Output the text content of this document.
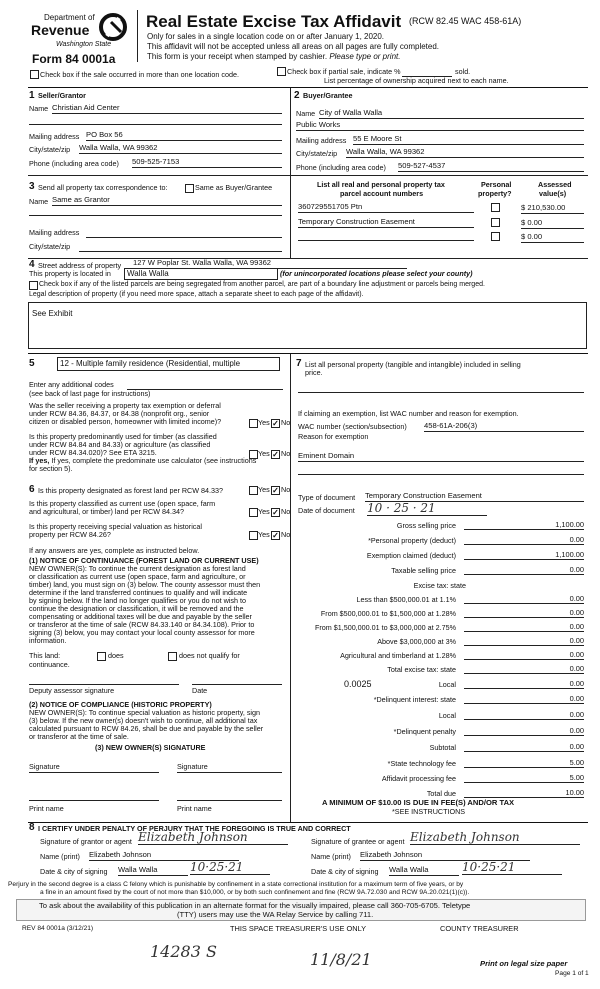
Department of
Revenue
Washington State
Form 84 0001a
Real Estate Excise Tax Affidavit (RCW 82.45 WAC 458-61A)
Only for sales in a single location code on or after January 1, 2020.
This affidavit will not be accepted unless all areas on all pages are fully completed.
This form is your receipt when stamped by cashier. Please type or print.
Check box if the sale occurred in more than one location code.	Check box if partial sale, indicate %	sold.
List percentage of ownership acquired next to each name.
1 Seller/Grantor
Name Christian Aid Center
Mailing address PO Box 56
City/state/zip Walla Walla, WA 99362
Phone (including area code) 509-525-7153
2 Buyer/Grantee
Name City of Walla Walla
Public Works
Mailing address 55 E Moore St
City/state/zip Walla Walla, WA 99362
Phone (including area code) 509-527-4537
3 Send all property tax correspondence to:	Same as Buyer/Grantee
Name Same as Grantor
Mailing address
City/state/zip
List all real and personal property tax
parcel account numbers
Personal
property?
Assessed
value(s)
360729551705 Ptn	$ 210,530.00
Temporary Construction Easement	$ 0.00
$ 0.00
4 Street address of property 127 W Poplar St. Walla Walla, WA 99362
This property is located in	Walla Walla	(for unincorporated locations please select your county)
Check box if any of the listed parcels are being segregated from another parcel, are part of a boundary line adjustment or parcels being merged.
Legal description of property (if you need more space, attach a separate sheet to each page of the affidavit).
See Exhibit
5	12 - Multiple family residence (Residential, multiple
Enter any additional codes
(see back of last page for instructions)
Was the seller receiving a property tax exemption or deferral
under RCW 84.36, 84.37, or 84.38 (nonprofit org., senior
citizen or disabled person, homeowner with limited income)?	Yes ✓ No
Is this property predominantly used for timber (as classified
under RCW 84.84 and 84.33) or agriculture (as classified
under RCW 84.34.020)? See ETA 3215.	Yes ✓ No
If yes, If yes, complete the predominate use calculator (see instructions
for section 5).
7 List all personal property (tangible and intangible) included in selling
price.
If claiming an exemption, list WAC number and reason for exemption.
WAC number (section/subsection) 458-61A-206(3)
Reason for exemption
Eminent Domain
Type of document Temporary Construction Easement
Date of document 10 · 25 · 21
Gross selling price	1,100.00
*Personal property (deduct)	0.00
Exemption claimed (deduct)	1,100.00
Taxable selling price	0.00
Excise tax: state
Less than $500,000.01 at 1.1%	0.00
From $500,000.01 to $1,500,000 at 1.28%	0.00
From $1,500,000.01 to $3,000,000 at 2.75%	0.00
Above $3,000,000 at 3%	0.00
Agricultural and timberland at 1.28%	0.00
Total excise tax: state	0.00
0.0025	Local	0.00
*Delinquent interest: state	0.00
Local	0.00
*Delinquent penalty	0.00
Subtotal	0.00
*State technology fee	5.00
Affidavit processing fee	5.00
Total due	10.00
A MINIMUM OF $10.00 IS DUE IN FEE(S) AND/OR TAX
*SEE INSTRUCTIONS
6 Is this property designated as forest land per RCW 84.33?	Yes ✓ No
Is this property classified as current use (open space, farm
and agricultural, or timber) land per RCW 84.34?	Yes ✓ No
Is this property receiving special valuation as historical
property per RCW 84.26?	Yes ✓ No
If any answers are yes, complete as instructed below.
(1) NOTICE OF CONTINUANCE (FOREST LAND OR CURRENT USE)
NEW OWNER(S): To continue the current designation as forest land
or classification as current use (open space, farm and agriculture, or
timber) land, you must sign on (3) below. The county assessor must then
determine if the land transferred continues to qualify and will indicate
by signing below. If the land no longer qualifies or you do not wish to
continue the designation or classification, it will be removed and the
compensating or additional taxes will be due and payable by the seller
or transferor at the time of sale (RCW 84.33.140 or 84.34.108). Prior to
signing (3) below, you may contact your local county assessor for more
information.
This land:	does	does not qualify for
continuance.
Deputy assessor signature	Date
(2) NOTICE OF COMPLIANCE (HISTORIC PROPERTY)
NEW OWNER(S): To continue special valuation as historic property, sign
(3) below. If the new owner(s) doesn't wish to continue, all additional tax
calculated pursuant to RCW 84.26, shall be due and payable by the seller
or transferor at the time of sale.
(3) NEW OWNER(S) SIGNATURE
Signature	Signature
Print name	Print name
8 I CERTIFY UNDER PENALTY OF PERJURY THAT THE FOREGOING IS TRUE AND CORRECT
Signature of grantor or agent Elizabeth Johnson	Signature of grantee or agent Elizabeth Johnson
Name (print) Elizabeth Johnson	Name (print) Elizabeth Johnson
Date & city of signing Walla Walla	10·25·21	Date & city of signing Walla Walla	10·25·21
Perjury in the second degree is a class C felony which is punishable by confinement in a state correctional institution for a maximum term of five years, or by
a fine in an amount fixed by the court of not more than $10,000, or by both such confinement and fine (RCW 9A.72.030 and RCW 9A.20.021(1)(c)).
To ask about the availability of this publication in an alternate format for the visually impaired, please call 360-705-6705. Teletype
(TTY) users may use the WA Relay Service by calling 711.
REV 84 0001a (3/12/21)	THIS SPACE TREASURER'S USE ONLY	COUNTY TREASURER
14283 S	11/8/21	Print on legal size paper
Page 1 of 1
